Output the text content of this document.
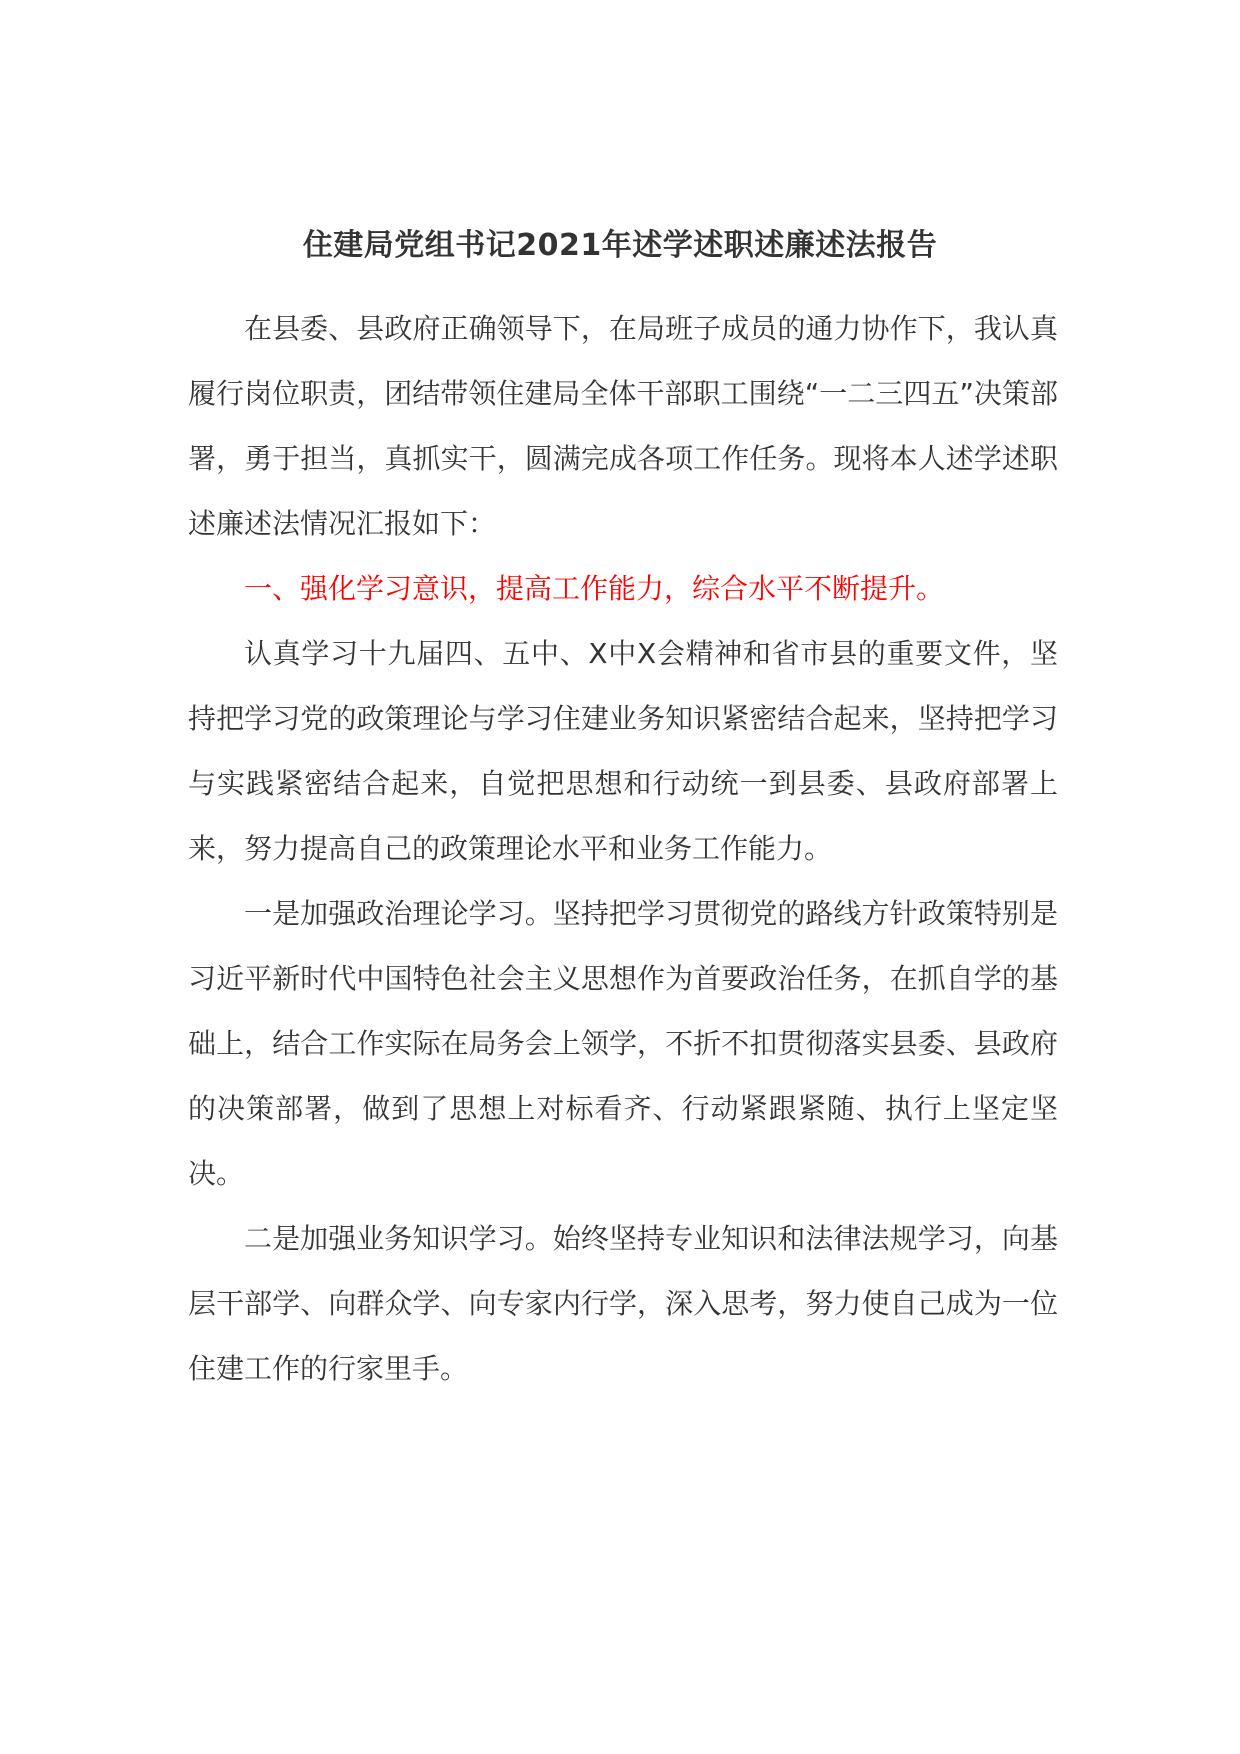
住建局党组书记2021年述学述职述廉述法报告

在县委、县政府正确领导下，在局班子成员的通力协作下，我认真履行岗位职责，团结带领住建局全体干部职工围绕“一二三四五”决策部署，勇于担当，真抓实干，圆满完成各项工作任务。现将本人述学述职述廉述法情况汇报如下：

一、强化学习意识，提高工作能力，综合水平不断提升。

认真学习十九届四、五中、X中X会精神和省市县的重要文件，坚持把学习党的政策理论与学习住建业务知识紧密结合起来，坚持把学习与实践紧密结合起来，自觉把思想和行动统一到县委、县政府部署上来，努力提高自己的政策理论水平和业务工作能力。

一是加强政治理论学习。坚持把学习贯彻党的路线方针政策特别是习近平新时代中国特色社会主义思想作为首要政治任务，在抓自学的基础上，结合工作实际在局务会上领学，不折不扣贯彻落实县委、县政府的决策部署，做到了思想上对标看齐、行动紧跟紧随、执行上坚定坚决。

二是加强业务知识学习。始终坚持专业知识和法律法规学习，向基层干部学、向群众学、向专家内行学，深入思考，努力使自己成为一位住建工作的行家里手。
